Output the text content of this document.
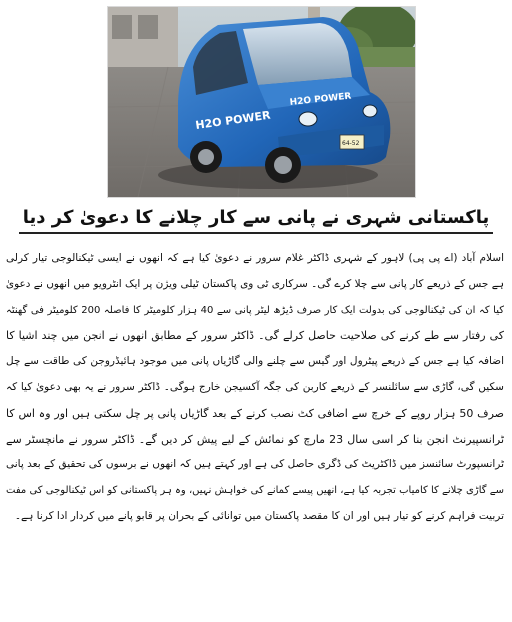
H2O POWER
H2O POWER
64-52
پاکستانی شہری نے پانی سے کار چلانے کا دعویٰ کر دیا
اسلام آباد (اے پی پی) لاہور کے شہری ڈاکٹر غلام سرور نے دعویٰ کیا ہے کہ انھوں نے ایسی ٹیکنالوجی تیار کرلی
ہے جس کے ذریعے کار پانی سے چلا کرے گی۔ سرکاری ٹی وی پاکستان ٹیلی ویژن پر ایک انٹرویو میں انھوں نے دعویٰ
کیا کہ ان کی ٹیکنالوجی کی بدولت ایک کار صرف ڈیڑھ لیٹر پانی سے 40 ہزار کلومیٹر کا فاصلہ 200 کلومیٹر فی گھنٹہ
کی رفتار سے طے کرنے کی صلاحیت حاصل کرلے گی۔ ڈاکٹر سرور کے مطابق انھوں نے انجن میں چند اشیا کا
اضافہ کیا ہے جس کے ذریعے پیٹرول اور گیس سے چلنے والی گاڑیاں پانی میں موجود ہائیڈروجن کی طاقت سے چل
سکیں گی، گاڑی سے سائلنسر کے ذریعے کاربن کی جگہ آکسیجن خارج ہوگی۔ ڈاکٹر سرور نے یہ بھی دعویٰ کیا کہ
صرف 50 ہزار روپے کے خرچ سے اضافی کٹ نصب کرنے کے بعد گاڑیاں پانی پر چل سکتی ہیں اور وہ اس کا
ٹرانسپیرنٹ انجن بنا کر اسی سال 23 مارچ کو نمائش کے لیے پیش کر دیں گے۔ ڈاکٹر سرور نے مانچسٹر سے
ٹرانسپورٹ سائنسز میں ڈاکٹریٹ کی ڈگری حاصل کی ہے اور کہتے ہیں کہ انھوں نے برسوں کی تحقیق کے بعد پانی
سے گاڑی چلانے کا کامیاب تجربہ کیا ہے، انھیں پیسے کمانے کی خواہش نہیں، وہ ہر پاکستانی کو اس ٹیکنالوجی کی مفت
تربیت فراہم کرنے کو تیار ہیں اور ان کا مقصد پاکستان میں توانائی کے بحران پر قابو پانے میں کردار ادا کرنا ہے۔
